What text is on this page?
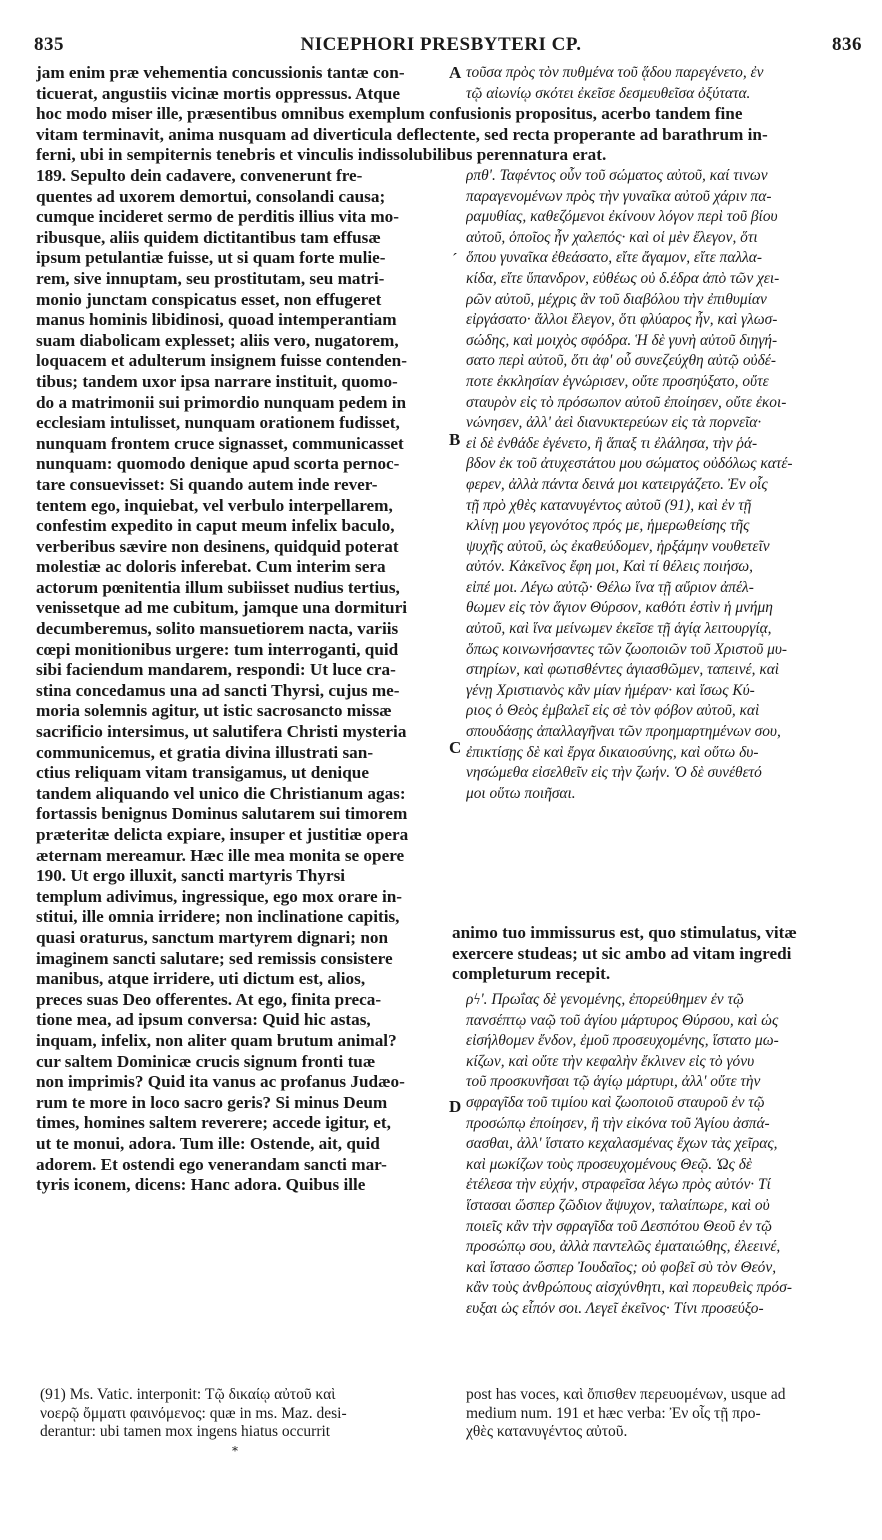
835	NICEPHORI PRESBYTERI CP.	836
jam enim præ vehementia concussionis tantæ con-
ticuerat, angustiis vicinæ mortis oppressus. Atque
τοῦσα πρὸς τὸν πυθμένα τοῦ ᾅδου παρεγένετο, ἐν
τῷ αἰωνίῳ σκότει ἐκεῖσε δεσμευθεῖσα ὀξύτατα.
hoc modo miser ille, præsentibus omnibus exemplum confusionis propositus, acerbo tandem fine
vitam terminavit, anima nusquam ad diverticula deflectente, sed recta properante ad barathrum in-
ferni, ubi in sempiternis tenebris et vinculis indissolubilibus perennatura erat.
189. Sepulto dein cadavere, convenerunt fre-
quentes ad uxorem demortui, consolandi causa;
cumque incideret sermo de perditis illius vita mo-
ribusque, aliis quidem dictitantibus tam effusæ
ipsum petulantiæ fuisse, ut si quam forte mulie-
rem, sive innuptam, seu prostitutam, seu matri-
monio junctam conspicatus esset, non effugeret
manus hominis libidinosi, quoad intemperantiam
suam diabolicam explesset; aliis vero, nugatorem,
loquacem et adulterum insignem fuisse contenden-
tibus; tandem uxor ipsa narrare instituit, quomo-
do a matrimonii sui primordio nunquam pedem in
ecclesiam intulisset, nunquam orationem fudisset,
nunquam frontem cruce signasset, communicasset
nunquam: quomodo denique apud scorta pernoc-
tare consuevisset: Si quando autem inde rever-
tentem ego, inquiebat, vel verbulo interpellarem,
confestim expedito in caput meum infelix baculo,
verberibus sævire non desinens, quidquid poterat
molestiæ ac doloris inferebat. Cum interim sera
actorum pœnitentia illum subiisset nudius tertius,
venissetque ad me cubitum, jamque una dormituri
decumberemus, solito mansuetiorem nacta, variis
cœpi monitionibus urgere: tum interroganti, quid
sibi faciendum mandarem, respondi: Ut luce cra-
stina concedamus una ad sancti Thyrsi, cujus me-
moria solemnis agitur, ut istic sacrosancto missæ
sacrificio intersimus, ut salutifera Christi mysteria
communicemus, et gratia divina illustrati san-
ctius reliquam vitam transigamus, ut denique
tandem aliquando vel unico die Christianum agas:
fortassis benignus Dominus salutarem sui timorem
præteritæ delicta expiare, insuper et justitiæ opera
æternam mereamur. Hæc ille mea monita se opere
190. Ut ergo illuxit, sancti martyris Thyrsi
templum adivimus, ingressique, ego mox orare in-
stitui, ille omnia irridere; non inclinatione capitis,
quasi oraturus, sanctum martyrem dignari; non
imaginem sancti salutare; sed remissis consistere
manibus, atque irridere, uti dictum est, alios,
preces suas Deo offerentes. At ego, finita preca-
tione mea, ad ipsum conversa: Quid hic astas,
inquam, infelix, non aliter quam brutum animal?
cur saltem Dominicæ crucis signum fronti tuæ
non imprimis? Quid ita vanus ac profanus Judæo-
rum te more in loco sacro geris? Si minus Deum
times, homines saltem reverere; accede igitur, et,
ut te monui, adora. Tum ille: Ostende, ait, quid
adorem. Et ostendi ego venerandam sancti mar-
tyris iconem, dicens: Hanc adora. Quibus ille
ρπθ'. Ταφέντος οὖν τοῦ σώματος αὐτοῦ, καί τινων
παραγενομένων πρὸς τὴν γυναῖκα αὐτοῦ χάριν πα-
ραμυθίας, καθεζόμενοι ἐκίνουν λόγον περὶ τοῦ βίου
αὐτοῦ, ὁποῖος ἦν χαλεπός· καὶ οἱ μὲν ἔλεγον, ὅτι
ὅπου γυναῖκα ἐθεάσατο, εἴτε ἄγαμον, εἴτε παλλα-
κίδα, εἴτε ὕπανδρον, εὐθέως οὐ δ.έδρα ἀπὸ τῶν χει-
ρῶν αὐτοῦ, μέχρις ἂν τοῦ διαβόλου τὴν ἐπιθυμίαν
εἰργάσατο· ἄλλοι ἔλεγον, ὅτι φλύαρος ἦν, καὶ γλωσ-
σώδης, καὶ μοιχὸς σφόδρα. Ἡ δὲ γυνὴ αὐτοῦ διηγή-
σατο περὶ αὐτοῦ, ὅτι ἀφ' οὗ συνεζεύχθη αὐτῷ οὐδέ-
ποτε ἐκκλησίαν ἐγνώρισεν, οὔτε προσηύξατο, οὔτε
σταυρὸν εἰς τὸ πρόσωπον αὐτοῦ ἐποίησεν, οὔτε ἐκοι-
νώνησεν, ἀλλ' ἀεὶ διανυκτερεύων εἰς τὰ πορνεῖα·
εἰ δὲ ἐνθάδε ἐγένετο, ἢ ἅπαξ τι ἐλάλησα, τὴν ῥά-
βδον ἐκ τοῦ ἀτυχεστάτου μου σώματος οὐδόλως κατέ-
φερεν, ἀλλὰ πάντα δεινά μοι κατειργάζετο. Ἐν οἷς
τῇ πρὸ χθὲς κατανυγέντος αὐτοῦ (91), καὶ ἐν τῇ
κλίνῃ μου γεγονότος πρός με, ἡμερωθείσης τῆς
ψυχῆς αὐτοῦ, ὡς ἐκαθεύδομεν, ἠρξάμην νουθετεῖν
αὐτόν. Κἀκεῖνος ἔφη μοι, Καὶ τί θέλεις ποιήσω,
εἰπέ μοι. Λέγω αὐτῷ· Θέλω ἵνα τῇ αὔριον ἀπέλ-
θωμεν εἰς τὸν ἅγιον Θύρσον, καθότι ἐστὶν ἡ μνήμη
αὐτοῦ, καὶ ἵνα μείνωμεν ἐκεῖσε τῇ ἁγίᾳ λειτουργίᾳ,
ὅπως κοινωνήσαντες τῶν ζωοποιῶν τοῦ Χριστοῦ μυ-
στηρίων, καὶ φωτισθέντες ἁγιασθῶμεν, ταπεινέ, καὶ
γένῃ Χριστιανὸς κἂν μίαν ἡμέραν· καὶ ἴσως Κύ-
ριος ὁ Θεὸς ἐμβαλεῖ εἰς σὲ τὸν φόβον αὐτοῦ, καὶ
σπουδάσῃς ἀπαλλαγῆναι τῶν προημαρτημένων σου,
ἐπικτίσῃς δὲ καὶ ἔργα δικαιοσύνης, καὶ οὕτω δυ-
νησώμεθα εἰσελθεῖν εἰς τὴν ζωήν. Ὁ δὲ συνέθετό
μοι οὕτω ποιῆσαι.
animo tuo immissurus est, quo stimulatus, vitæ
exercere studeas; ut sic ambo ad vitam ingredi
completurum recepit.
ρϟ'. Πρωΐας δὲ γενομένης, ἐπορεύθημεν ἐν τῷ
πανσέπτῳ ναῷ τοῦ ἁγίου μάρτυρος Θύρσου, καὶ ὡς
εἰσήλθομεν ἔνδον, ἐμοῦ προσευχομένης, ἵστατο μω-
κίζων, καὶ οὔτε τὴν κεφαλὴν ἔκλινεν εἰς τὸ γόνυ
τοῦ προσκυνῆσαι τῷ ἁγίῳ μάρτυρι, ἀλλ' οὔτε τὴν
σφραγῖδα τοῦ τιμίου καὶ ζωοποιοῦ σταυροῦ ἐν τῷ
προσώπῳ ἐποίησεν, ἢ τὴν εἰκόνα τοῦ Ἁγίου ἀσπά-
σασθαι, ἀλλ' ἵστατο κεχαλασμένας ἔχων τὰς χεῖρας,
καὶ μωκίζων τοὺς προσευχομένους Θεῷ. Ὡς δὲ
ἐτέλεσα τὴν εὐχήν, στραφεῖσα λέγω πρὸς αὐτόν· Τί
ἵστασαι ὥσπερ ζῶδιον ἄψυχον, ταλαίπωρε, καὶ οὐ
ποιεῖς κἂν τὴν σφραγῖδα τοῦ Δεσπότου Θεοῦ ἐν τῷ
προσώπῳ σου, ἀλλὰ παντελῶς ἐματαιώθης, ἐλεεινέ,
καὶ ἵστασο ὥσπερ Ἰουδαῖος; οὐ φοβεῖ σὺ τὸν Θεόν,
κἂν τοὺς ἀνθρώπους αἰσχύνθητι, καὶ πορευθεὶς πρόσ-
ευξαι ὡς εἶπόν σοι. Λεγεῖ ἐκεῖνος· Τίνι προσεύξο-
A
B
C
D
´
(91) Ms. Vatic. interponit: Τῷ δικαίῳ αὐτοῦ καὶ
νοερῷ ὄμματι φαινόμενος: quæ in ms. Maz. desi-
derantur: ubi tamen mox ingens hiatus occurrit
post has voces, καὶ ὄπισθεν περευομένων, usque ad
medium num. 191 et hæc verba: Ἐν οἷς τῇ προ-
χθὲς κατανυγέντος αὐτοῦ.
*
